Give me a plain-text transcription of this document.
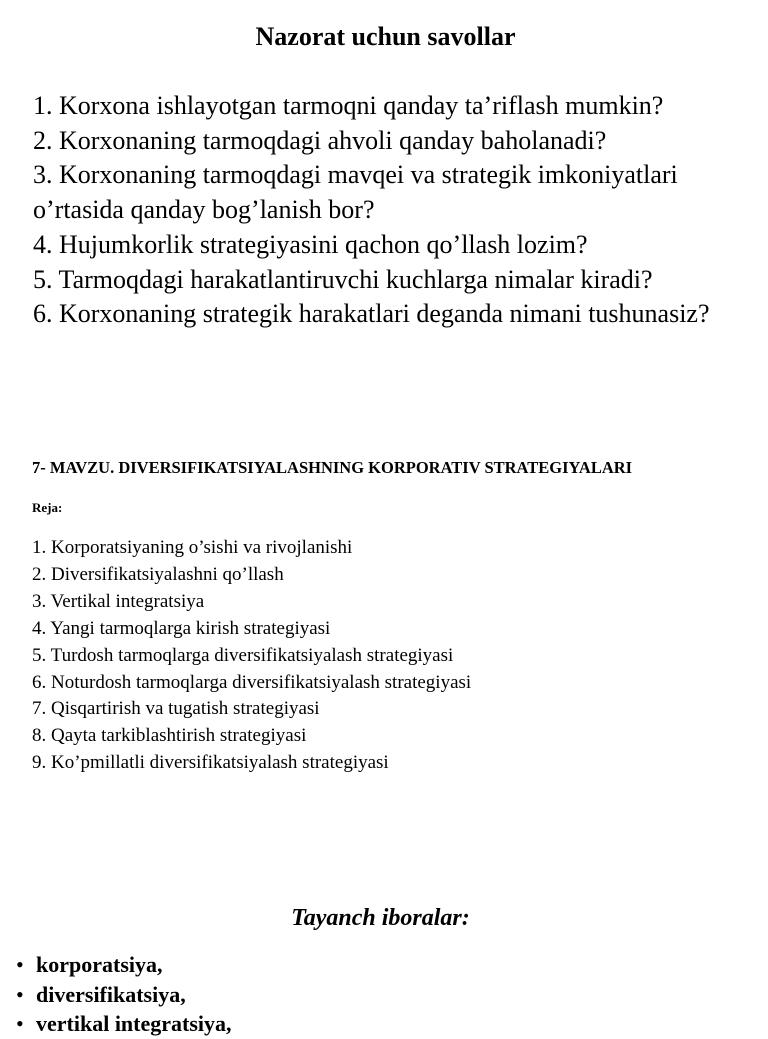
Nazorat uchun savollar
1. Korxona ishlayotgan tarmoqni qanday ta’riflash mumkin?
2. Korxonaning tarmoqdagi ahvoli qanday baholanadi?
3. Korxonaning tarmoqdagi mavqei va strategik imkoniyatlari o’rtasida qanday bog’lanish bor?
4. Hujumkorlik strategiyasini qachon qo’llash lozim?
5. Tarmoqdagi harakatlantiruvchi kuchlarga nimalar kiradi?
6. Korxonaning strategik harakatlari deganda nimani tushunasiz?
7- MAVZU. DIVERSIFIKATSIYALASHNING KORPORATIV STRATEGIYALARI

Reja:

1. Korporatsiyaning o’sishi va rivojlanishi
2. Diversifikatsiyalashni qo’llash
3. Vertikal integratsiya
4. Yangi tarmoqlarga kirish strategiyasi
5. Turdosh tarmoqlarga diversifikatsiyalash strategiyasi
6. Noturdosh tarmoqlarga diversifikatsiyalash strategiyasi
7. Qisqartirish va tugatish strategiyasi
8. Qayta tarkiblashtirish strategiyasi
9. Ko’pmillatli diversifikatsiyalash strategiyasi
Tayanch iboralar:
• korporatsiya,
• diversifikatsiya,
• vertikal integratsiya,
